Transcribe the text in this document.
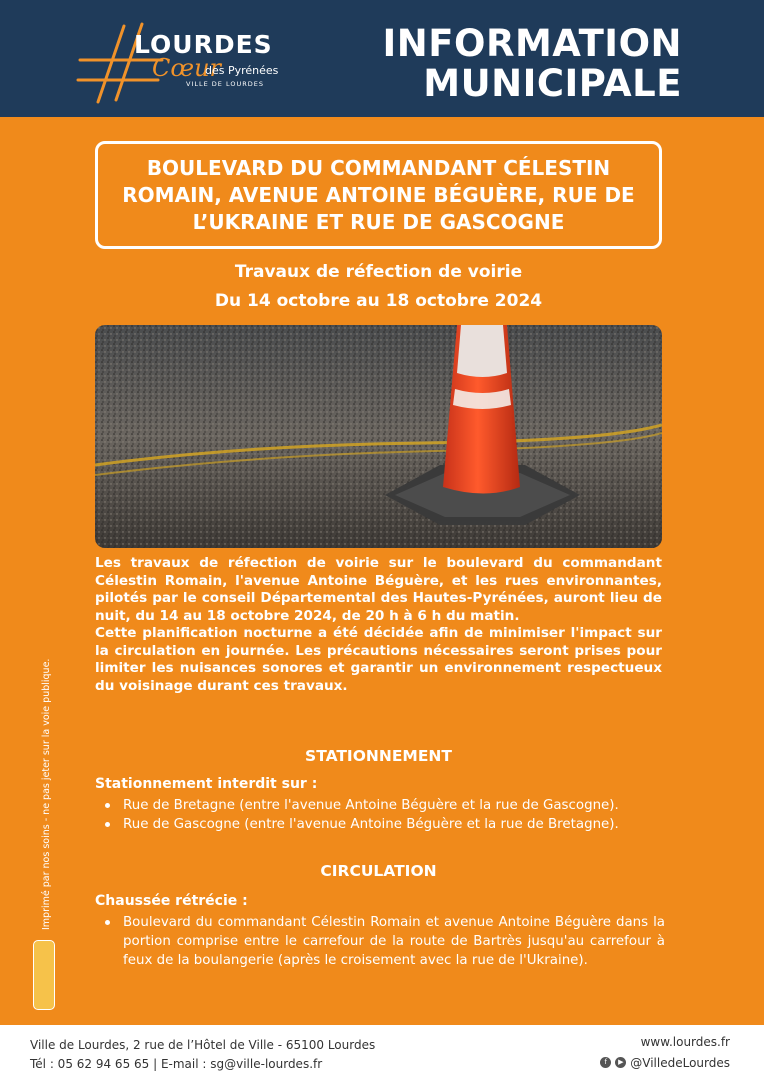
LOURDES
Cœur
des Pyrénées
VILLE DE LOURDES
INFORMATION
MUNICIPALE
BOULEVARD DU COMMANDANT CÉLESTIN ROMAIN, AVENUE ANTOINE BÉGUÈRE, RUE DE L’UKRAINE ET RUE DE GASCOGNE
Travaux de réfection de voirie
Du 14 octobre au 18 octobre 2024

Les travaux de réfection de voirie sur le boulevard du commandant Célestin Romain, l'avenue Antoine Béguère, et les rues environnantes, pilotés par le conseil Départemental des Hautes-Pyrénées, auront lieu de nuit, du 14 au 18 octobre 2024, de 20 h à 6 h du matin.

Cette planification nocturne a été décidée afin de minimiser l'impact sur la circulation en journée. Les précautions nécessaires seront prises pour limiter les nuisances sonores et garantir un environnement respectueux du voisinage durant ces travaux.

STATIONNEMENT
Stationnement interdit sur :
Rue de Bretagne (entre l'avenue Antoine Béguère et la rue de Gascogne).
Rue de Gascogne (entre l'avenue Antoine Béguère et la rue de Bretagne).
CIRCULATION
Chaussée rétrécie :
Boulevard du commandant Célestin Romain et avenue Antoine Béguère dans la portion comprise entre le carrefour de la route de Bartrès jusqu'au carrefour à feux de la boulangerie (après le croisement avec la rue de l'Ukraine).
Imprimé par nos soins - ne pas jeter sur la voie publique.
Ville de Lourdes, 2 rue de l’Hôtel de Ville - 65100 Lourdes
Tél : 05 62 94 65 65 | E-mail : sg@ville-lourdes.fr
www.lourdes.fr
f	▶ @VilledeLourdes
